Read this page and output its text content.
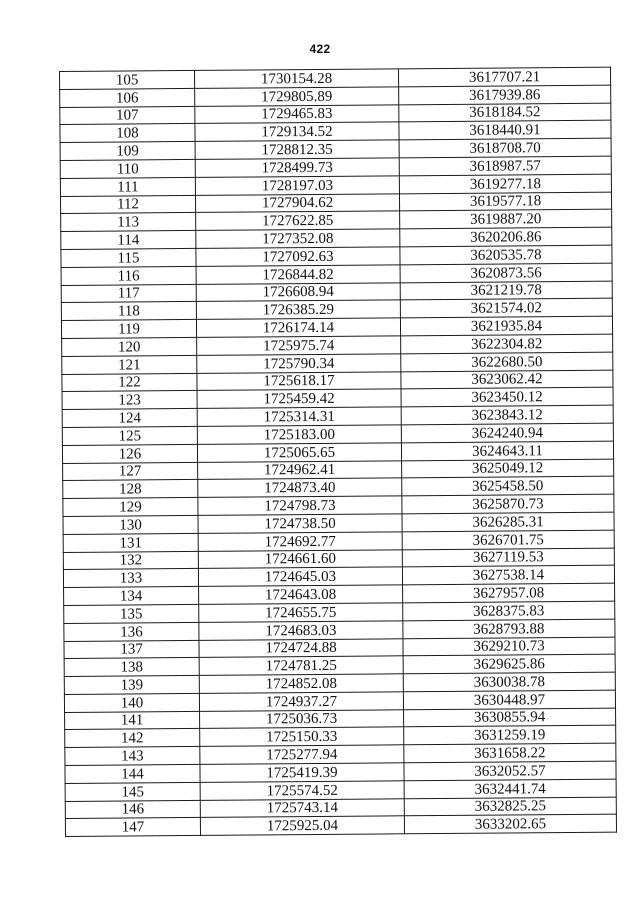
422
105	1730154.28	3617707.21
106	1729805.89	3617939.86
107	1729465.83	3618184.52
108	1729134.52	3618440.91
109	1728812.35	3618708.70
110	1728499.73	3618987.57
111	1728197.03	3619277.18
112	1727904.62	3619577.18
113	1727622.85	3619887.20
114	1727352.08	3620206.86
115	1727092.63	3620535.78
116	1726844.82	3620873.56
117	1726608.94	3621219.78
118	1726385.29	3621574.02
119	1726174.14	3621935.84
120	1725975.74	3622304.82
121	1725790.34	3622680.50
122	1725618.17	3623062.42
123	1725459.42	3623450.12
124	1725314.31	3623843.12
125	1725183.00	3624240.94
126	1725065.65	3624643.11
127	1724962.41	3625049.12
128	1724873.40	3625458.50
129	1724798.73	3625870.73
130	1724738.50	3626285.31
131	1724692.77	3626701.75
132	1724661.60	3627119.53
133	1724645.03	3627538.14
134	1724643.08	3627957.08
135	1724655.75	3628375.83
136	1724683.03	3628793.88
137	1724724.88	3629210.73
138	1724781.25	3629625.86
139	1724852.08	3630038.78
140	1724937.27	3630448.97
141	1725036.73	3630855.94
142	1725150.33	3631259.19
143	1725277.94	3631658.22
144	1725419.39	3632052.57
145	1725574.52	3632441.74
146	1725743.14	3632825.25
147	1725925.04	3633202.65
